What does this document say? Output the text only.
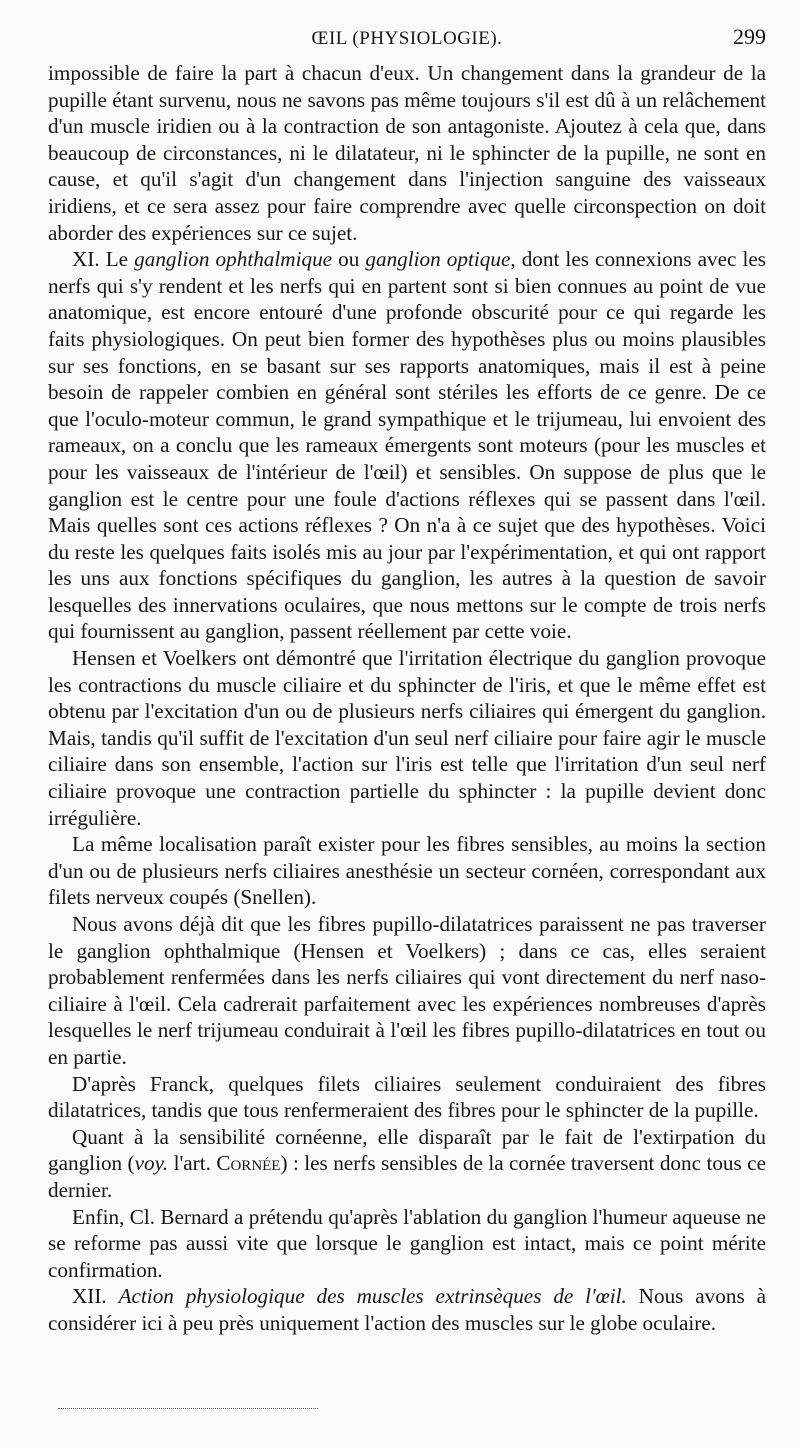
ŒIL (PHYSIOLOGIE).	299

impossible de faire la part à chacun d'eux. Un changement dans la grandeur de la pupille étant survenu, nous ne savons pas même toujours s'il est dû à un relâchement d'un muscle iridien ou à la contraction de son antagoniste. Ajoutez à cela que, dans beaucoup de circonstances, ni le dilatateur, ni le sphincter de la pupille, ne sont en cause, et qu'il s'agit d'un changement dans l'injection sanguine des vaisseaux iridiens, et ce sera assez pour faire comprendre avec quelle circonspection on doit aborder des expériences sur ce sujet.

XI. Le ganglion ophthalmique ou ganglion optique, dont les connexions avec les nerfs qui s'y rendent et les nerfs qui en partent sont si bien connues au point de vue anatomique, est encore entouré d'une profonde obscurité pour ce qui regarde les faits physiologiques. On peut bien former des hypothèses plus ou moins plausibles sur ses fonctions, en se basant sur ses rapports anatomiques, mais il est à peine besoin de rappeler combien en général sont stériles les efforts de ce genre. De ce que l'oculo-moteur commun, le grand sympathique et le trijumeau, lui envoient des rameaux, on a conclu que les rameaux émergents sont moteurs (pour les muscles et pour les vaisseaux de l'intérieur de l'œil) et sensibles. On suppose de plus que le ganglion est le centre pour une foule d'actions réflexes qui se passent dans l'œil. Mais quelles sont ces actions réflexes ? On n'a à ce sujet que des hypothèses. Voici du reste les quelques faits isolés mis au jour par l'expérimentation, et qui ont rapport les uns aux fonctions spécifiques du ganglion, les autres à la question de savoir lesquelles des innervations oculaires, que nous mettons sur le compte de trois nerfs qui fournissent au ganglion, passent réellement par cette voie.

Hensen et Voelkers ont démontré que l'irritation électrique du ganglion provoque les contractions du muscle ciliaire et du sphincter de l'iris, et que le même effet est obtenu par l'excitation d'un ou de plusieurs nerfs ciliaires qui émergent du ganglion. Mais, tandis qu'il suffit de l'excitation d'un seul nerf ciliaire pour faire agir le muscle ciliaire dans son ensemble, l'action sur l'iris est telle que l'irritation d'un seul nerf ciliaire provoque une contraction partielle du sphincter : la pupille devient donc irrégulière.

La même localisation paraît exister pour les fibres sensibles, au moins la section d'un ou de plusieurs nerfs ciliaires anesthésie un secteur cornéen, correspondant aux filets nerveux coupés (Snellen).

Nous avons déjà dit que les fibres pupillo-dilatatrices paraissent ne pas traverser le ganglion ophthalmique (Hensen et Voelkers) ; dans ce cas, elles seraient probablement renfermées dans les nerfs ciliaires qui vont directement du nerf naso-ciliaire à l'œil. Cela cadrerait parfaitement avec les expériences nombreuses d'après lesquelles le nerf trijumeau conduirait à l'œil les fibres pupillo-dilatatrices en tout ou en partie.

D'après Franck, quelques filets ciliaires seulement conduiraient des fibres dilatatrices, tandis que tous renfermeraient des fibres pour le sphincter de la pupille.

Quant à la sensibilité cornéenne, elle disparaît par le fait de l'extirpation du ganglion (voy. l'art. Cornée) : les nerfs sensibles de la cornée traversent donc tous ce dernier.

Enfin, Cl. Bernard a prétendu qu'après l'ablation du ganglion l'humeur aqueuse ne se reforme pas aussi vite que lorsque le ganglion est intact, mais ce point mérite confirmation.

XII. Action physiologique des muscles extrinsèques de l'œil. Nous avons à considérer ici à peu près uniquement l'action des muscles sur le globe oculaire.
